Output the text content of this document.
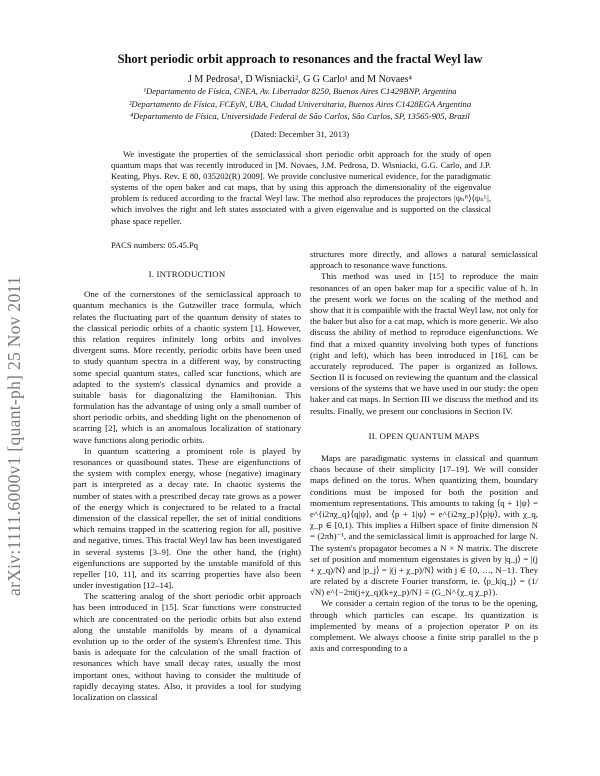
arXiv:1111.6000v1 [quant-ph] 25 Nov 2011
Short periodic orbit approach to resonances and the fractal Weyl law
J M Pedrosa¹, D Wisniacki², G G Carlo¹ and M Novaes⁴
¹Departamento de Física, CNEA, Av. Libertador 8250, Buenos Aires C1429BNP, Argentina
²Departamento de Física, FCEyN, UBA, Ciudad Universitaria, Buenos Aires C1428EGA Argentina
⁴Departamento de Física, Universidade Federal de São Carlos, São Carlos, SP, 13565-905, Brazil
(Dated: December 31, 2013)
We investigate the properties of the semiclassical short periodic orbit approach for the study of open quantum maps that was recently introduced in [M. Novaes, J.M. Pedrosa, D. Wisniacki, G.G. Carlo, and J.P. Keating, Phys. Rev. E 80, 035202(R) 2009]. We provide conclusive numerical evidence, for the paradigmatic systems of the open baker and cat maps, that by using this approach the dimensionality of the eigenvalue problem is reduced according to the fractal Weyl law. The method also reproduces the projectors |ψₙᴿ⟩⟨ψₙᴸ|, which involves the right and left states associated with a given eigenvalue and is supported on the classical phase space repeller.
PACS numbers: 05.45.Pq
I. INTRODUCTION

One of the cornerstones of the semiclassical approach to quantum mechanics is the Gutzwiller trace formula, which relates the fluctuating part of the quantum density of states to the classical periodic orbits of a chaotic system [1]. However, this relation requires infinitely long orbits and involves divergent sums. More recently, periodic orbits have been used to study quantum spectra in a different way, by constructing some special quantum states, called scar functions, which are adapted to the system's classical dynamics and provide a suitable basis for diagonalizing the Hamiltonian. This formulation has the advantage of using only a small number of short periodic orbits, and shedding light on the phenomenon of scarring [2], which is an anomalous localization of stationary wave functions along periodic orbits.

In quantum scattering a prominent role is played by resonances or quasibound states. These are eigenfunctions of the system with complex energy, whose (negative) imaginary part is interpreted as a decay rate. In chaotic systems the number of states with a prescribed decay rate grows as a power of the energy which is conjectured to be related to a fractal dimension of the classical repeller, the set of initial conditions which remains trapped in the scattering region for all, positive and negative, times. This fractal Weyl law has been investigated in several systems [3–9]. One the other hand, the (right) eigenfunctions are supported by the unstable manifold of this repeller [10, 11], and its scarring properties have also been under investigation [12–14].

The scattering analog of the short periodic orbit approach has been introduced in [15]. Scar functions were constructed which are concentrated on the periodic orbits but also extend along the unstable manifolds by means of a dynamical evolution up to the order of the system's Ehrenfest time. This basis is adequate for the calculation of the small fraction of resonances which have small decay rates, usually the most important ones, without having to consider the multitude of rapidly decaying states. Also, it provides a tool for studying localization on classical

structures more directly, and allows a natural semiclassical approach to resonance wave functions.

This method was used in [15] to reproduce the main resonances of an open baker map for a specific value of ħ. In the present work we focus on the scaling of the method and show that it is compatible with the fractal Weyl law, not only for the baker but also for a cat map, which is more generic. We also discuss the ability of method to reproduce eigenfunctions. We find that a mixed quantity involving both types of functions (right and left), which has been introduced in [16], can be accurately reproduced. The paper is organized as follows. Section II is focused on reviewing the quantum and the classical versions of the systems that we have used in our study: the open baker and cat maps. In Section III we discuss the method and its results. Finally, we present our conclusions in Section IV.

II. OPEN QUANTUM MAPS

Maps are paradigmatic systems in classical and quantum chaos because of their simplicity [17–19]. We will consider maps defined on the torus. When quantizing them, boundary conditions must be imposed for both the position and momentum representations. This amounts to taking ⟨q + 1|ψ⟩ = e^{i2πχ_q}⟨q|ψ⟩, and ⟨p + 1|ψ⟩ = e^{i2πχ_p}⟨p|ψ⟩, with χ_q, χ_p ∈ [0,1). This implies a Hilbert space of finite dimension N = (2πħ)⁻¹, and the semiclassical limit is approached for large N. The system's propagator becomes a N × N matrix. The discrete set of position and momentum eigenstates is given by |q_j⟩ = |(j + χ_q)/N⟩ and |p_j⟩ = |(j + χ_p)/N⟩ with j ∈ {0, …, N−1}. They are related by a discrete Fourier transform, ie. ⟨p_k|q_j⟩ = (1/√N) e^{−2πi(j+χ_q)(k+χ_p)/N} ≡ (G_N^{χ_q χ_p}).

We consider a certain region of the torus to be the opening, through which particles can escape. Its quantization is implemented by means of a projection operator P on its complement. We always choose a finite strip parallel to the p axis and corresponding to a
